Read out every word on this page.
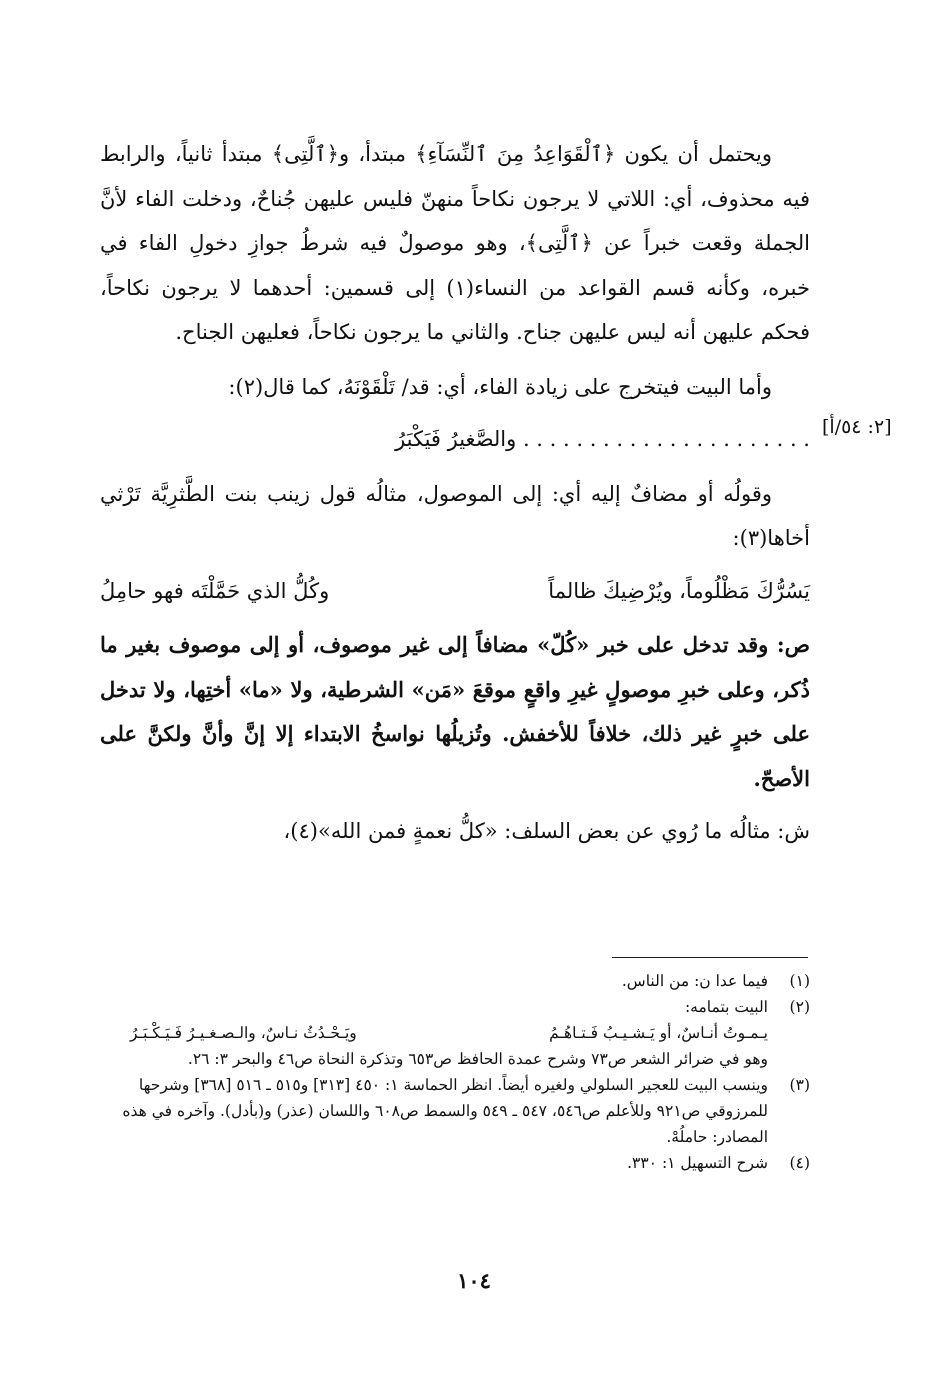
[٢: ٥٤/أ]

ويحتمل أن يكون ﴿ٱلْقَوَاعِدُ مِنَ ٱلنِّسَآءِ﴾ مبتدأ، و﴿ٱلَّتِى﴾ مبتدأ ثانياً، والرابط فيه محذوف، أي: اللاتي لا يرجون نكاحاً منهنّ فليس عليهن جُناحٌ، ودخلت الفاء لأنَّ الجملة وقعت خبراً عن ﴿ٱلَّتِى﴾، وهو موصولٌ فيه شرطُ جوازِ دخولِ الفاء في خبره، وكأنه قسم القواعد من النساء(١) إلى قسمين: أحدهما لا يرجون نكاحاً، فحكم عليهن أنه ليس عليهن جناح. والثاني ما يرجون نكاحاً، فعليهن الجناح.

وأما البيت فيتخرج على زيادة الفاء، أي: قد/ تَلْقَوْنَهُ، كما قال(٢):

. . . . . . . . . . . . . . . . . . . . . . والصَّغيرُ فَيَكْبَرُ

وقولُه أو مضافٌ إليه أي: إلى الموصول، مثالُه قول زينب بنت الطَّثرِيَّة تَرْثي أخاها(٣):

يَسُرُّكَ مَظْلُوماً، ويُرْضِيكَ ظالماً
وكُلُّ الذي حَمَّلْتَه فهو حامِلُ

ص: وقد تدخل على خبر «كُلّ» مضافاً إلى غير موصوف، أو إلى موصوف بغير ما ذُكر، وعلى خبرِ موصولٍ غيرِ واقعٍ موقعَ «مَن» الشرطية، ولا «ما» أختِها، ولا تدخل على خبرٍ غير ذلك، خلافاً للأخفش. وتُزيلُها نواسخُ الابتداء إلا إنَّ وأنَّ ولكنَّ على الأصحّ.

ش: مثالُه ما رُوي عن بعض السلف: «كلُّ نعمةٍ فمن الله»(٤)،

(١)
فيما عدا ن: من الناس.
(٢)
البيت بتمامه:
يـمـوتُ أنـاسٌ، أو يَـشـيـبُ فَـتـاهُـمُ
ويَـحْـدُثُ نـاسٌ، والـصـغـيـرُ فَـيَـكْـبَـرُ
وهو في ضرائر الشعر ص٧٣ وشرح عمدة الحافظ ص٦٥٣ وتذكرة النحاة ص٤٦ والبحر ٣: ٢٦.
(٣)
وينسب البيت للعجير السلولي ولغيره أيضاً. انظر الحماسة ١: ٤٥٠ [٣١٣] و٥١٥ ـ ٥١٦ [٣٦٨] وشرحها للمرزوقي ص٩٢١ وللأعلم ص٥٤٦، ٥٤٧ ـ ٥٤٩ والسمط ص٦٠٨ واللسان (عذر) و(بأدل). وآخره في هذه المصادر: حاملُهْ.
(٤)
شرح التسهيل ١: ٣٣٠.
١٠٤
